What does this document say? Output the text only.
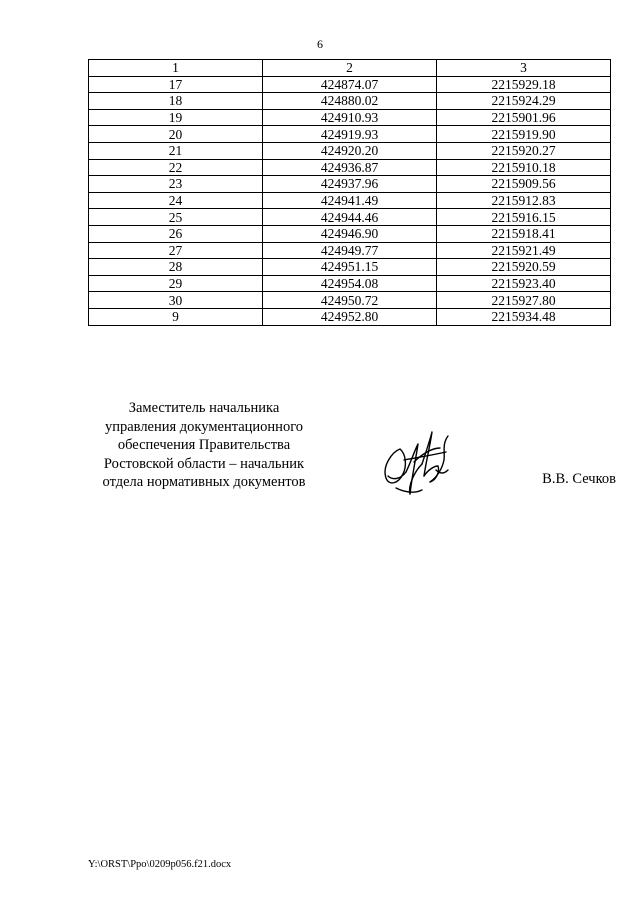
6
1	2	3
17	424874.07	2215929.18
18	424880.02	2215924.29
19	424910.93	2215901.96
20	424919.93	2215919.90
21	424920.20	2215920.27
22	424936.87	2215910.18
23	424937.96	2215909.56
24	424941.49	2215912.83
25	424944.46	2215916.15
26	424946.90	2215918.41
27	424949.77	2215921.49
28	424951.15	2215920.59
29	424954.08	2215923.40
30	424950.72	2215927.80
9	424952.80	2215934.48
Заместитель начальника
управления документационного
обеспечения Правительства
Ростовской области – начальник
отдела нормативных документов	В.В. Сечков
Y:\ORST\Ppo\0209p056.f21.docx
